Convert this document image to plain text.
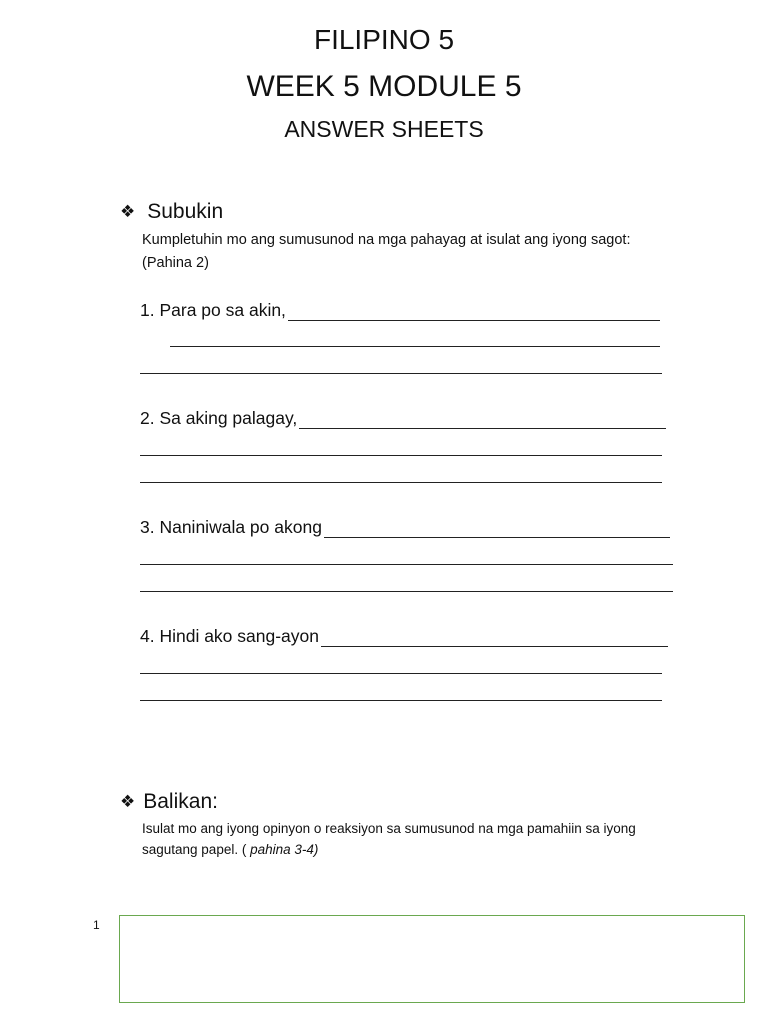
FILIPINO 5
WEEK 5 MODULE 5
ANSWER SHEETS
❖ Subukin
Kumpletuhin mo ang sumusunod na mga pahayag at isulat ang iyong sagot: (Pahina 2)
1. Para po sa akin,
2. Sa aking palagay,
3. Naniniwala po akong
4. Hindi ako sang-ayon
❖ Balikan:
Isulat mo ang iyong opinyon o reaksiyon sa sumusunod na mga pamahiin sa iyong sagutang papel. ( pahina 3-4)
1
